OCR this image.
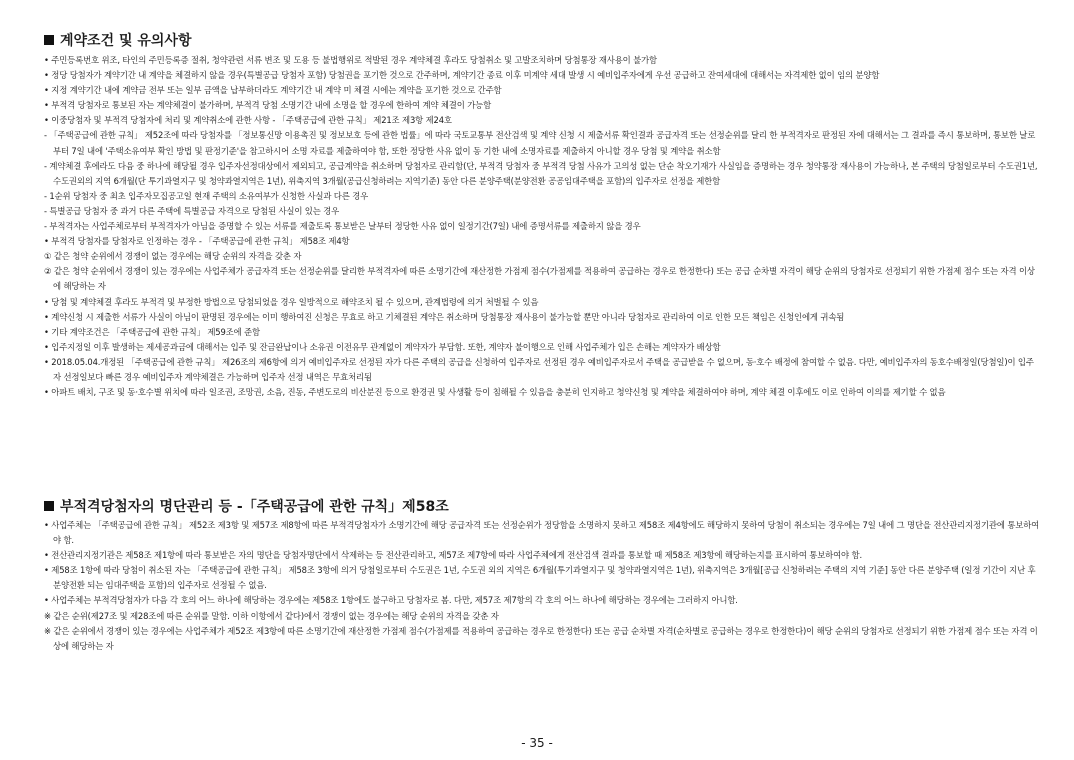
계약조건 및 유의사항
• 주민등록번호 위조, 타인의 주민등록증 절취, 청약관련 서류 변조 및 도용 등 불법행위로 적발된 경우 계약체결 후라도 당첨취소 및 고발조치하며 당첨통장 재사용이 불가함
• 정당 당첨자가 계약기간 내 계약을 체결하지 않을 경우(특별공급 당첨자 포함) 당첨권을 포기한 것으로 간주하며, 계약기간 종료 이후 미계약 세대 발생 시 예비입주자에게 우선 공급하고 잔여세대에 대해서는 자격제한 없이 임의 분양함
• 지정 계약기간 내에 계약금 전부 또는 일부 금액을 납부하더라도 계약기간 내 계약 미 체결 시에는 계약을 포기한 것으로 간주함
• 부적격 당첨자로 통보된 자는 계약체결이 불가하며, 부적격 당첨 소명기간 내에 소명을 할 경우에 한하여 계약 체결이 가능함
• 이중당첨자 및 부적격 당첨자에 처리 및 계약취소에 관한 사항 - 「주택공급에 관한 규칙」 제21조 제3항 제24호
- 「주택공급에 관한 규칙」 제52조에 따라 당첨자를 「정보통신망 이용촉진 및 정보보호 등에 관한 법률」에 따라 국토교통부 전산검색 및 계약 신청 시 제출서류 확인결과 공급자격 또는 선정순위를 달리 한 부적격자로 판정된 자에 대해서는 그 결과를 즉시 통보하며, 통보한 날로부터 7일 내에 '주택소유여부 확인 방법 및 판정기준'을 참고하시어 소명 자료를 제출하여야 함, 또한 정당한 사유 없이 동 기한 내에 소명자료를 제출하지 아니할 경우 당첨 및 계약을 취소함
- 계약체결 후에라도 다음 중 하나에 해당될 경우 입주자선정대상에서 제외되고, 공급계약을 취소하며 당첨자로 관리함(단, 부적격 당첨자 중 부적격 당첨 사유가 고의성 없는 단순 착오기재가 사실임을 증명하는 경우 청약통장 재사용이 가능하나, 본 주택의 당첨일로부터 수도권1년, 수도권외의 지역 6개월(단 투기과열지구 및 청약과열지역은 1년), 위축지역 3개월(공급신청하려는 지역기준) 동안 다른 분양주택(분양전환 공공임대주택을 포함)의 입주자로 선정을 제한함
- 1순위 당첨자 중 최초 입주자모집공고일 현재 주택의 소유여부가 신청한 사실과 다른 경우
- 특별공급 당첨자 중 과거 다른 주택에 특별공급 자격으로 당첨된 사실이 있는 경우
- 부적격자는 사업주체로부터 부적격자가 아님을 증명할 수 있는 서류를 제출토록 통보받은 날부터 정당한 사유 없이 일정기간(7일) 내에 증명서류를 제출하지 않을 경우
• 부적격 당첨자를 당첨자로 인정하는 경우 - 「주택공급에 관한 규칙」 제58조 제4항
① 같은 청약 순위에서 경쟁이 없는 경우에는 해당 순위의 자격을 갖춘 자
② 같은 청약 순위에서 경쟁이 있는 경우에는 사업주체가 공급자격 또는 선정순위를 달리한 부적격자에 따른 소명기간에 재산정한 가점제 점수(가점제를 적용하여 공급하는 경우로 한정한다) 또는 공급 순차별 자격이 해당 순위의 당첨자로 선정되기 위한 가점제 점수 또는 자격 이상에 해당하는 자
• 당첨 및 계약체결 후라도 부적격 및 부정한 방법으로 당첨되었을 경우 일방적으로 해약조치 될 수 있으며, 관계법령에 의거 처벌될 수 있음
• 계약신청 시 제출한 서류가 사실이 아님이 판명된 경우에는 이미 행하여진 신청은 무효로 하고 기체결된 계약은 취소하며 당첨통장 재사용이 불가능할 뿐만 아니라 당첨자로 관리하여 이로 인한 모든 책임은 신청인에게 귀속됨
• 기타 계약조건은 「주택공급에 관한 규칙」 제59조에 준함
• 입주지정일 이후 발생하는 제세공과금에 대해서는 입주 및 잔금완납이나 소유권 이전유무 관계없이 계약자가 부담함. 또한, 계약자 불이행으로 인해 사업주체가 입은 손해는 계약자가 배상함
• 2018.05.04.개정된 「주택공급에 관한 규칙」 제26조의 제6항에 의거 예비입주자로 선정된 자가 다른 주택의 공급을 신청하여 입주자로 선정된 경우 예비입주자로서 주택을 공급받을 수 없으며, 동·호수 배정에 참여할 수 없음. 다만, 예비입주자의 동호수배정일(당첨일)이 입주자 선정일보다 빠른 경우 예비입주자 계약체결은 가능하며 입주자 선정 내역은 무효처리됨
• 아파트 배치, 구조 및 동·호수별 위치에 따라 일조권, 조망권, 소음, 진동, 주변도로의 비산분진 등으로 환경권 및 사생활 등이 침해될 수 있음을 충분히 인지하고 청약신청 및 계약을 체결하여야 하며, 계약 체결 이후에도 이로 인하여 이의를 제기할 수 없음
부적격당첨자의 명단관리 등 -「주택공급에 관한 규칙」제58조
• 사업주체는 「주택공급에 관한 규칙」 제52조 제3항 및 제57조 제8항에 따른 부적격당첨자가 소명기간에 해당 공급자격 또는 선정순위가 정당함을 소명하지 못하고 제58조 제4항에도 해당하지 못하여 당첨이 취소되는 경우에는 7일 내에 그 명단을 전산관리지정기관에 통보하여야 함.
• 전산관리지정기관은 제58조 제1항에 따라 통보받은 자의 명단을 당첨자명단에서 삭제하는 등 전산관리하고, 제57조 제7항에 따라 사업주체에게 전산검색 결과를 통보할 때 제58조 제3항에 해당하는지를 표시하여 통보하여야 함.
• 제58조 1항에 따라 당첨이 취소된 자는 「주택공급에 관한 규칙」 제58조 3항에 의거 당첨일로부터 수도권은 1년, 수도권 외의 지역은 6개월(투기과열지구 및 청약과열지역은 1년), 위축지역은 3개월[공급 신청하려는 주택의 지역 기준] 동안 다른 분양주택 (일정 기간이 지난 후 분양전환 되는 임대주택을 포함)의 입주자로 선정될 수 없음.
• 사업주체는 부적격당첨자가 다음 각 호의 어느 하나에 해당하는 경우에는 제58조 1항에도 불구하고 당첨자로 봄. 다만, 제57조 제7항의 각 호의 어느 하나에 해당하는 경우에는 그러하지 아니함.
※ 같은 순위(제27조 및 제28조에 따른 순위를 말함. 이하 이항에서 같다)에서 경쟁이 없는 경우에는 해당 순위의 자격을 갖춘 자
※ 같은 순위에서 경쟁이 있는 경우에는 사업주체가 제52조 제3항에 따른 소명기간에 재산정한 가점제 점수(가점제를 적용하여 공급하는 경우로 한정한다) 또는 공급 순차별 자격(순차별로 공급하는 경우로 한정한다)이 해당 순위의 당첨자로 선정되기 위한 가점제 점수 또는 자격 이상에 해당하는 자
- 35 -
